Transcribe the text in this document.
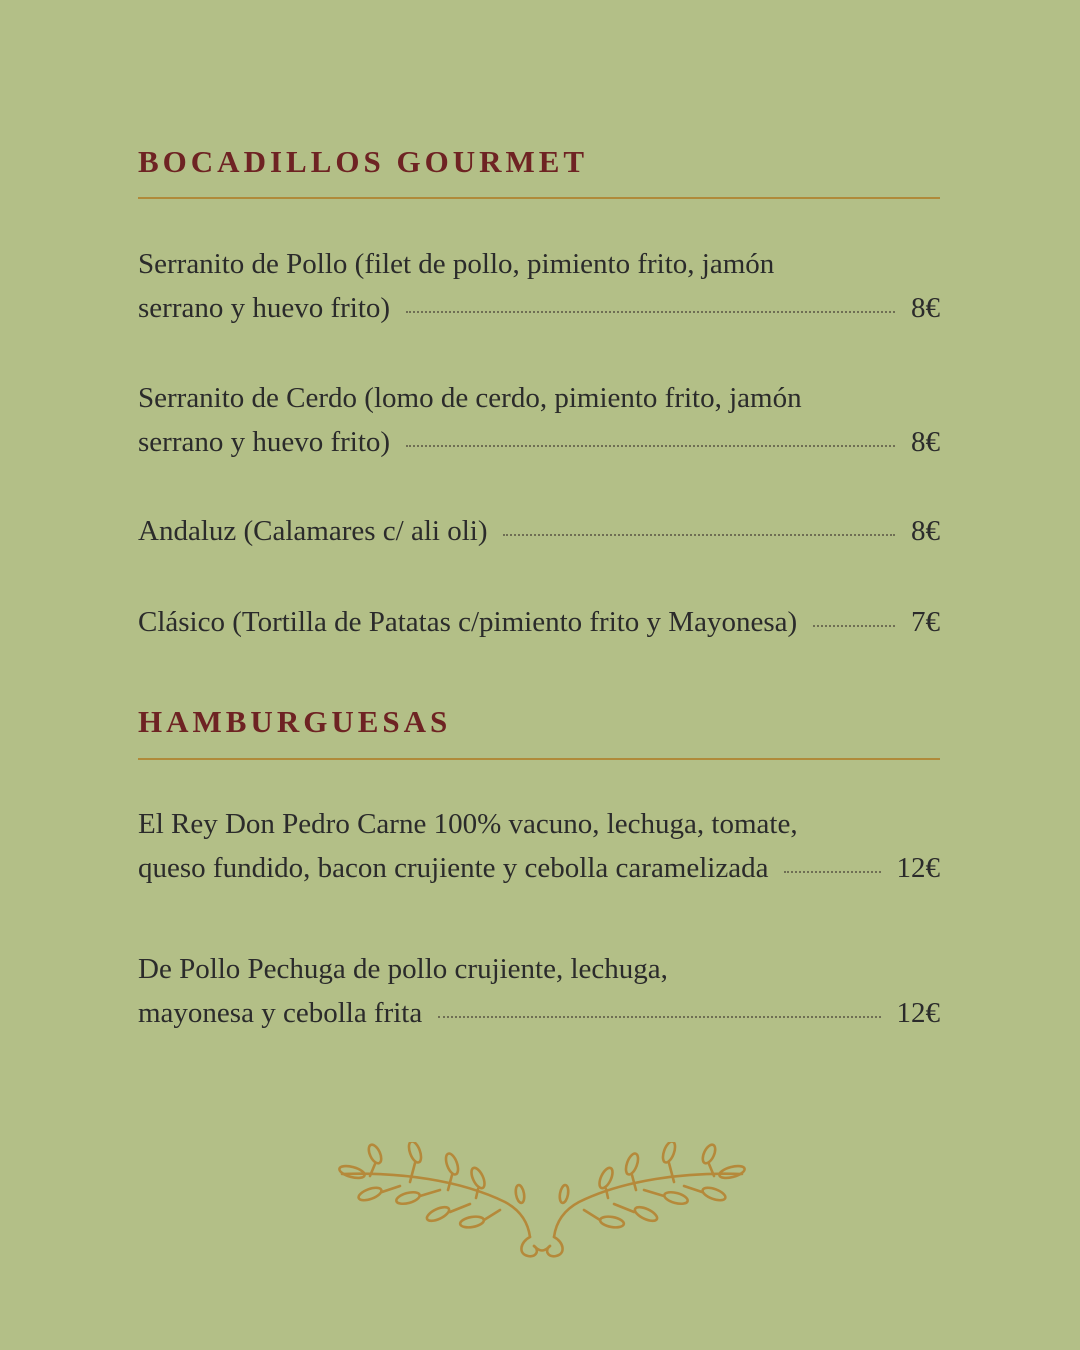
BOCADILLOS GOURMET
Serranito de Pollo (filet de pollo, pimiento frito, jamón
serrano y huevo frito)	8€
Serranito de Cerdo (lomo de cerdo, pimiento frito, jamón
serrano y huevo frito)	8€
Andaluz (Calamares c/ ali oli)	8€
Clásico (Tortilla de Patatas c/pimiento frito y Mayonesa)	7€
HAMBURGUESAS
El Rey Don Pedro Carne 100% vacuno, lechuga, tomate,
queso fundido, bacon crujiente y cebolla caramelizada	12€
De Pollo Pechuga de pollo crujiente, lechuga,
mayonesa y cebolla frita	12€
